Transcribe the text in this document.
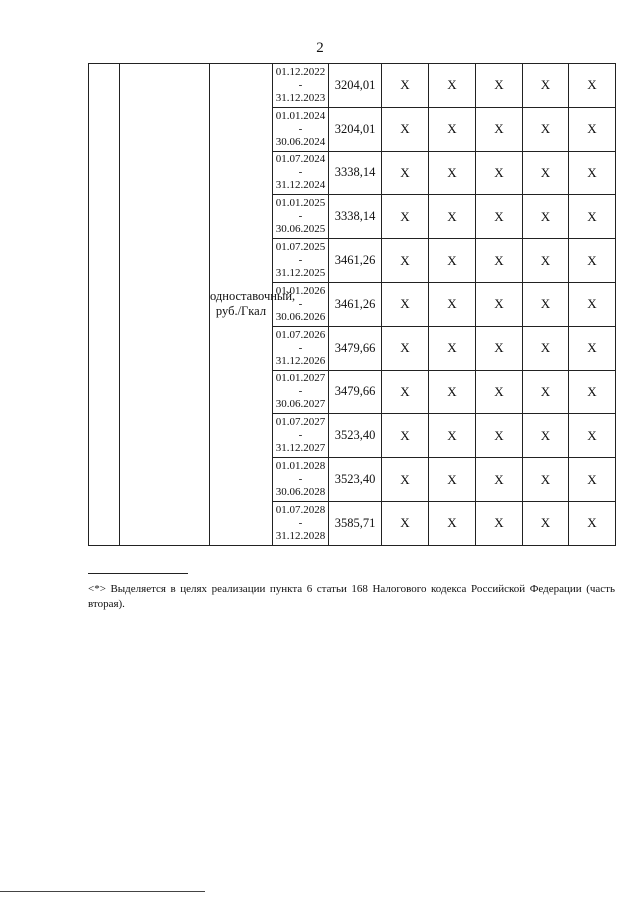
2
		одноставочный, руб./Гкал	01.12.2022
-
31.12.2023	3204,01	X	X	X	X	X

			01.01.2024
-
30.06.2024	3204,01	X	X	X	X	X

			01.07.2024
-
31.12.2024	3338,14	X	X	X	X	X

			01.01.2025
-
30.06.2025	3338,14	X	X	X	X	X

			01.07.2025
-
31.12.2025	3461,26	X	X	X	X	X

			01.01.2026
-
30.06.2026	3461,26	X	X	X	X	X

			01.07.2026
-
31.12.2026	3479,66	X	X	X	X	X

			01.01.2027
-
30.06.2027	3479,66	X	X	X	X	X

			01.07.2027
-
31.12.2027	3523,40	X	X	X	X	X

			01.01.2028
-
30.06.2028	3523,40	X	X	X	X	X

			01.07.2028
-
31.12.2028	3585,71	X	X	X	X	X
<*> Выделяется в целях реализации пункта 6 статьи 168 Налогового кодекса Российской Федерации (часть вторая).
